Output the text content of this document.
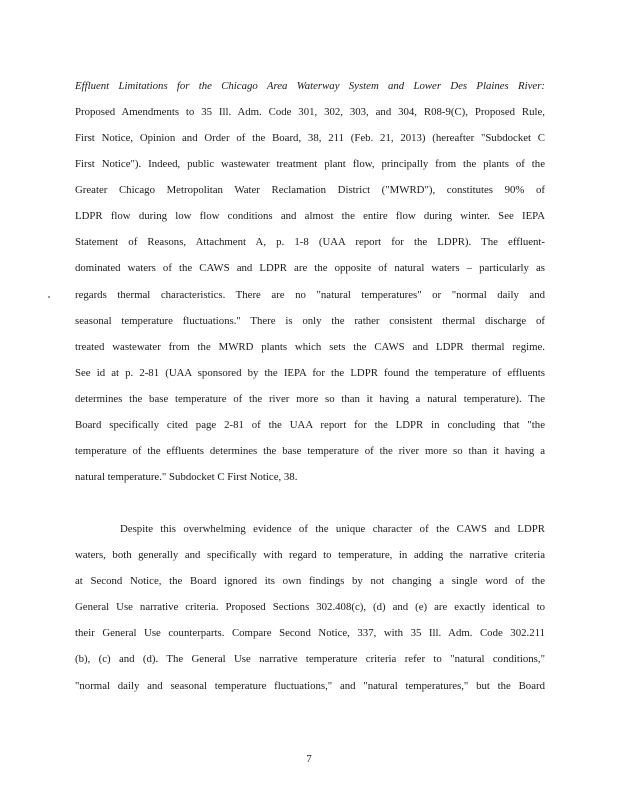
Effluent Limitations for the Chicago Area Waterway System and Lower Des Plaines River:
Proposed Amendments to 35 Ill. Adm. Code 301, 302, 303, and 304, R08-9(C), Proposed Rule,
First Notice, Opinion and Order of the Board, 38, 211 (Feb. 21, 2013) (hereafter "Subdocket C
First Notice"). Indeed, public wastewater treatment plant flow, principally from the plants of the
Greater Chicago Metropolitan Water Reclamation District ("MWRD"), constitutes 90% of
LDPR flow during low flow conditions and almost the entire flow during winter. See IEPA
Statement of Reasons, Attachment A, p. 1-8 (UAA report for the LDPR). The effluent-
dominated waters of the CAWS and LDPR are the opposite of natural waters – particularly as
regards thermal characteristics. There are no "natural temperatures" or "normal daily and
seasonal temperature fluctuations." There is only the rather consistent thermal discharge of
treated wastewater from the MWRD plants which sets the CAWS and LDPR thermal regime.
See id at p. 2-81 (UAA sponsored by the IEPA for the LDPR found the temperature of effluents
determines the base temperature of the river more so than it having a natural temperature). The
Board specifically cited page 2-81 of the UAA report for the LDPR in concluding that "the
temperature of the effluents determines the base temperature of the river more so than it having a
natural temperature." Subdocket C First Notice, 38.
Despite this overwhelming evidence of the unique character of the CAWS and LDPR
waters, both generally and specifically with regard to temperature, in adding the narrative criteria
at Second Notice, the Board ignored its own findings by not changing a single word of the
General Use narrative criteria. Proposed Sections 302.408(c), (d) and (e) are exactly identical to
their General Use counterparts. Compare Second Notice, 337, with 35 Ill. Adm. Code 302.211
(b), (c) and (d). The General Use narrative temperature criteria refer to "natural conditions,"
"normal daily and seasonal temperature fluctuations," and "natural temperatures," but the Board
7
